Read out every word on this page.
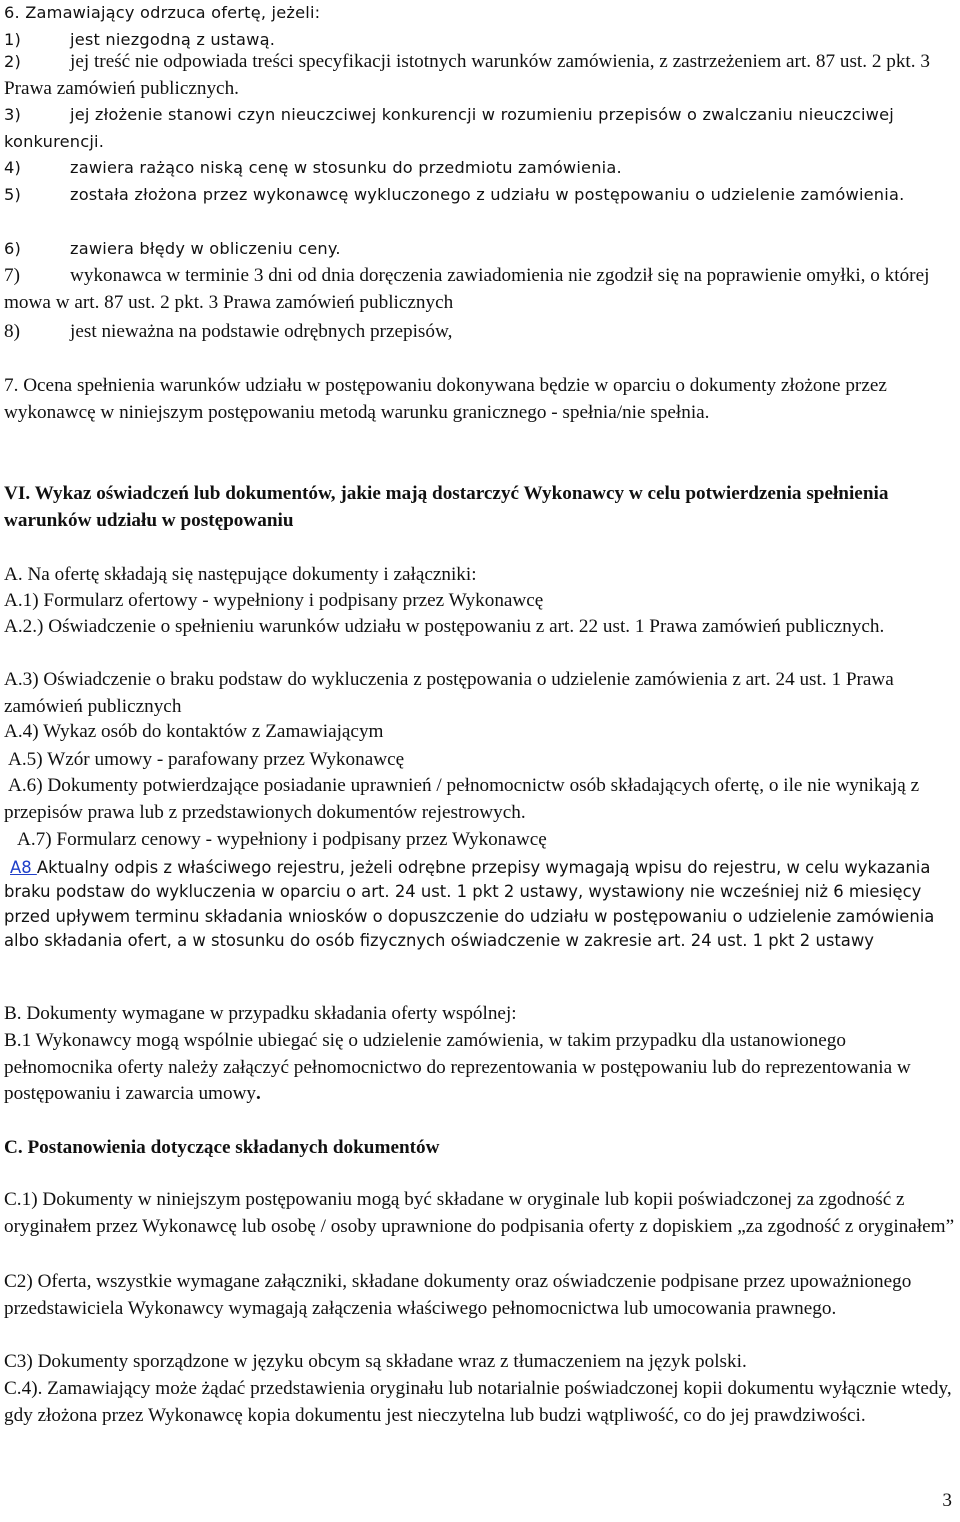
6. Zamawiający odrzuca ofertę, jeżeli:

1)	jest niezgodną z ustawą.

2)	jej treść nie odpowiada treści specyfikacji istotnych warunków zamówienia, z zastrzeżeniem art. 87 ust. 2 pkt. 3 Prawa zamówień publicznych.

3)	jej złożenie stanowi czyn nieuczciwej konkurencji w rozumieniu przepisów o zwalczaniu nieuczciwej konkurencji.

4)	zawiera rażąco niską cenę w stosunku do przedmiotu zamówienia.

5)	została złożona przez wykonawcę wykluczonego z udziału w postępowaniu o udzielenie zamówienia.

6)	zawiera błędy w obliczeniu ceny.

7)	wykonawca w terminie 3 dni od dnia doręczenia zawiadomienia nie zgodził się na poprawienie omyłki, o której mowa w art. 87 ust. 2 pkt. 3 Prawa zamówień publicznych

8)	jest nieważna na podstawie odrębnych przepisów,

7. Ocena spełnienia warunków udziału w postępowaniu dokonywana będzie w oparciu o dokumenty złożone przez wykonawcę w niniejszym postępowaniu metodą warunku granicznego - spełnia/nie spełnia.

VI. Wykaz oświadczeń lub dokumentów, jakie mają dostarczyć Wykonawcy w celu potwierdzenia spełnienia warunków udziału w postępowaniu

A. Na ofertę składają się następujące dokumenty i załączniki:

A.1) Formularz ofertowy - wypełniony i podpisany przez Wykonawcę

A.2.) Oświadczenie o spełnieniu warunków udziału w postępowaniu z art. 22 ust. 1 Prawa zamówień publicznych.

A.3) Oświadczenie o braku podstaw do wykluczenia z postępowania o udzielenie zamówienia z art. 24 ust. 1 Prawa zamówień publicznych

A.4) Wykaz osób do kontaktów z Zamawiającym

A.5) Wzór umowy - parafowany przez Wykonawcę

A.6) Dokumenty potwierdzające posiadanie uprawnień / pełnomocnictw osób składających ofertę, o ile nie wynikają z przepisów prawa lub z przedstawionych dokumentów rejestrowych.

A.7) Formularz cenowy - wypełniony i podpisany przez Wykonawcę

A8 Aktualny odpis z właściwego rejestru, jeżeli odrębne przepisy wymagają wpisu do rejestru, w celu wykazania braku podstaw do wykluczenia w oparciu o art. 24 ust. 1 pkt 2 ustawy, wystawiony nie wcześniej niż 6 miesięcy przed upływem terminu składania wniosków o dopuszczenie do udziału w postępowaniu o udzielenie zamówienia albo składania ofert, a w stosunku do osób fizycznych oświadczenie w zakresie art. 24 ust. 1 pkt 2 ustawy

B. Dokumenty wymagane w przypadku składania oferty wspólnej:

B.1 Wykonawcy mogą wspólnie ubiegać się o udzielenie zamówienia, w takim przypadku dla ustanowionego pełnomocnika oferty należy załączyć pełnomocnictwo do reprezentowania w postępowaniu lub do reprezentowania w postępowaniu i zawarcia umowy.

C. Postanowienia dotyczące składanych dokumentów

C.1) Dokumenty w niniejszym postępowaniu mogą być składane w oryginale lub kopii poświadczonej za zgodność z oryginałem przez Wykonawcę lub osobę / osoby uprawnione do podpisania oferty z dopiskiem „za zgodność z oryginałem”

C2) Oferta, wszystkie wymagane załączniki, składane dokumenty oraz oświadczenie podpisane przez upoważnionego przedstawiciela Wykonawcy wymagają załączenia właściwego pełnomocnictwa lub umocowania prawnego.

C3) Dokumenty sporządzone w języku obcym są składane wraz z tłumaczeniem na język polski.

C.4). Zamawiający może żądać przedstawienia oryginału lub notarialnie poświadczonej kopii dokumentu wyłącznie wtedy, gdy złożona przez Wykonawcę kopia dokumentu jest nieczytelna lub budzi wątpliwość, co do jej prawdziwości.

3
